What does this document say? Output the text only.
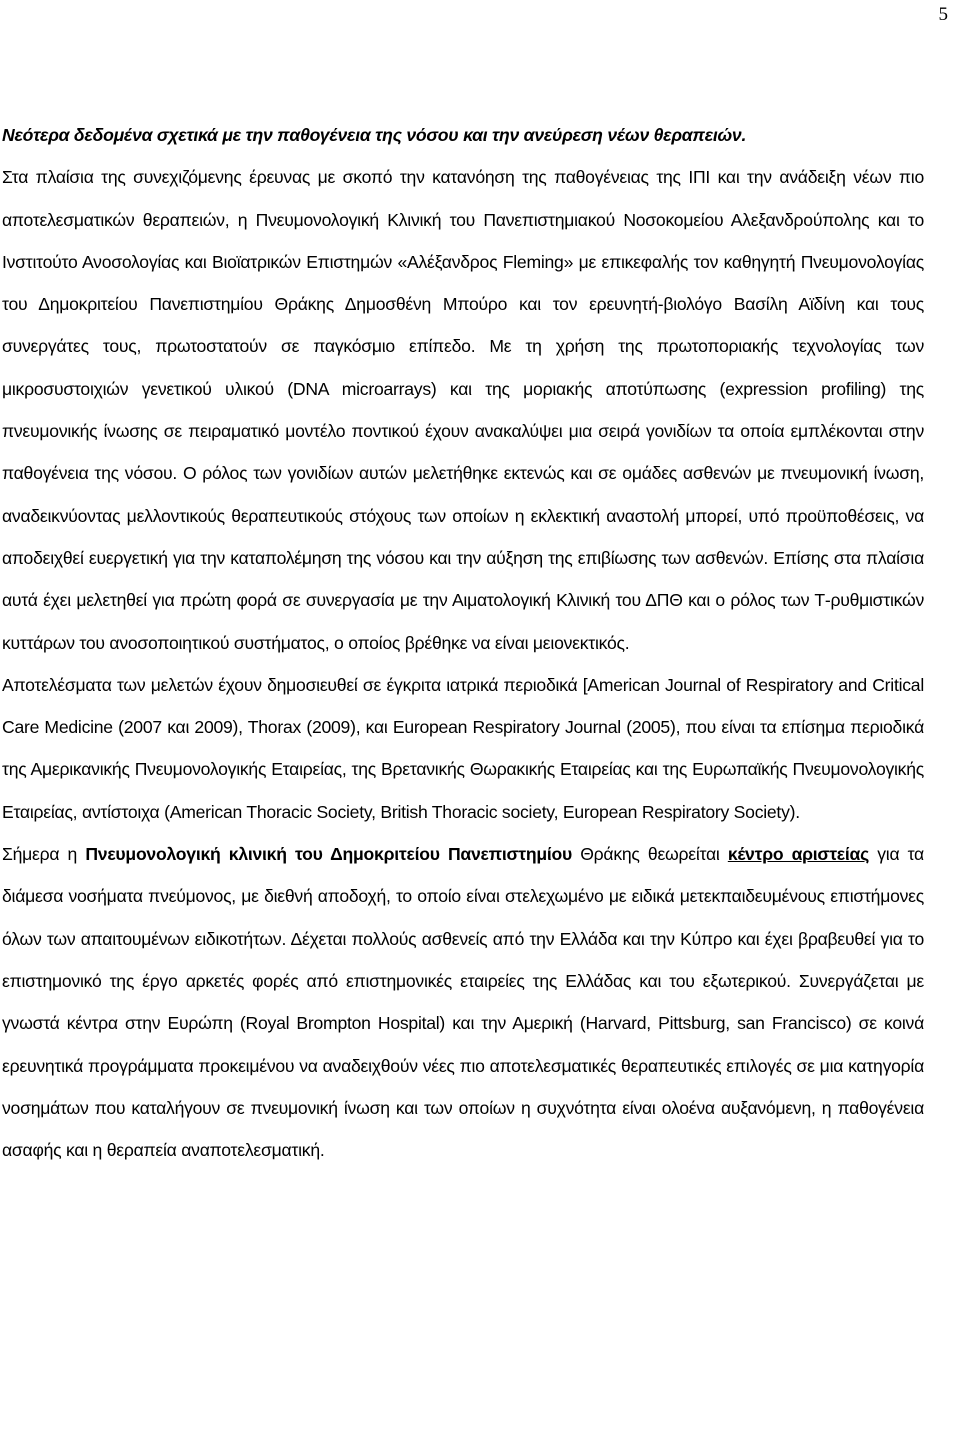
5

Νεότερα δεδομένα σχετικά με την παθογένεια της νόσου και την ανεύρεση νέων θεραπειών.

Στα πλαίσια της συνεχιζόμενης έρευνας με σκοπό την κατανόηση της παθογένειας της ΙΠΙ και την ανάδειξη νέων πιο αποτελεσματικών θεραπειών, η Πνευμονολογική Κλινική του Πανεπιστημιακού Νοσοκομείου Αλεξανδρούπολης και το Ινστιτούτο Ανοσολογίας και Βιοϊατρικών Επιστημών «Αλέξανδρος Fleming» με επικεφαλής τον καθηγητή Πνευμονολογίας του Δημοκριτείου Πανεπιστημίου Θράκης Δημοσθένη Μπούρο και τον ερευνητή-βιολόγο Βασίλη Αϊδίνη και τους συνεργάτες τους, πρωτοστατούν σε παγκόσμιο επίπεδο. Με τη χρήση της πρωτοποριακής τεχνολογίας των μικροσυστοιχιών γενετικού υλικού (DNA microarrays) και της μοριακής αποτύπωσης (expression profiling) της πνευμονικής ίνωσης σε πειραματικό μοντέλο ποντικού έχουν ανακαλύψει μια σειρά γονιδίων τα οποία εμπλέκονται στην παθογένεια της νόσου. Ο ρόλος των γονιδίων αυτών μελετήθηκε εκτενώς και σε ομάδες ασθενών με πνευμονική ίνωση, αναδεικνύοντας μελλοντικούς θεραπευτικούς στόχους των οποίων η εκλεκτική αναστολή μπορεί, υπό προϋποθέσεις, να αποδειχθεί ευεργετική για την καταπολέμηση της νόσου και την αύξηση της επιβίωσης των ασθενών. Επίσης στα πλαίσια αυτά έχει μελετηθεί για πρώτη φορά σε συνεργασία με την Αιματολογική Κλινική του ΔΠΘ και ο ρόλος των Τ-ρυθμιστικών κυττάρων του ανοσοποιητικού συστήματος, ο οποίος βρέθηκε να είναι μειονεκτικός.

Αποτελέσματα των μελετών έχουν δημοσιευθεί σε έγκριτα ιατρικά περιοδικά [American Journal of Respiratory and Critical Care Medicine (2007 και 2009), Thorax (2009), και European Respiratory Journal (2005), που είναι τα επίσημα περιοδικά της Αμερικανικής Πνευμονολογικής Εταιρείας, της Βρετανικής Θωρακικής Εταιρείας και της Ευρωπαϊκής Πνευμονολογικής Εταιρείας, αντίστοιχα (American Thoracic Society, British Thoracic society, European Respiratory Society).

Σήμερα η Πνευμονολογική κλινική του Δημοκριτείου Πανεπιστημίου Θράκης θεωρείται κέντρο αριστείας για τα διάμεσα νοσήματα πνεύμονος, με διεθνή αποδοχή, το οποίο είναι στελεχωμένο με ειδικά μετεκπαιδευμένους επιστήμονες όλων των απαιτουμένων ειδικοτήτων. Δέχεται πολλούς ασθενείς από την Ελλάδα και την Κύπρο και έχει βραβευθεί για το επιστημονικό της έργο αρκετές φορές από επιστημονικές εταιρείες της Ελλάδας και του εξωτερικού. Συνεργάζεται με γνωστά κέντρα στην Ευρώπη (Royal Brompton Hospital) και την Αμερική (Harvard, Pittsburg, san Francisco) σε κοινά ερευνητικά προγράμματα προκειμένου να αναδειχθούν νέες πιο αποτελεσματικές θεραπευτικές επιλογές σε μια κατηγορία νοσημάτων που καταλήγουν σε πνευμονική ίνωση και των οποίων η συχνότητα είναι ολοένα αυξανόμενη, η παθογένεια ασαφής και η θεραπεία αναποτελεσματική.
